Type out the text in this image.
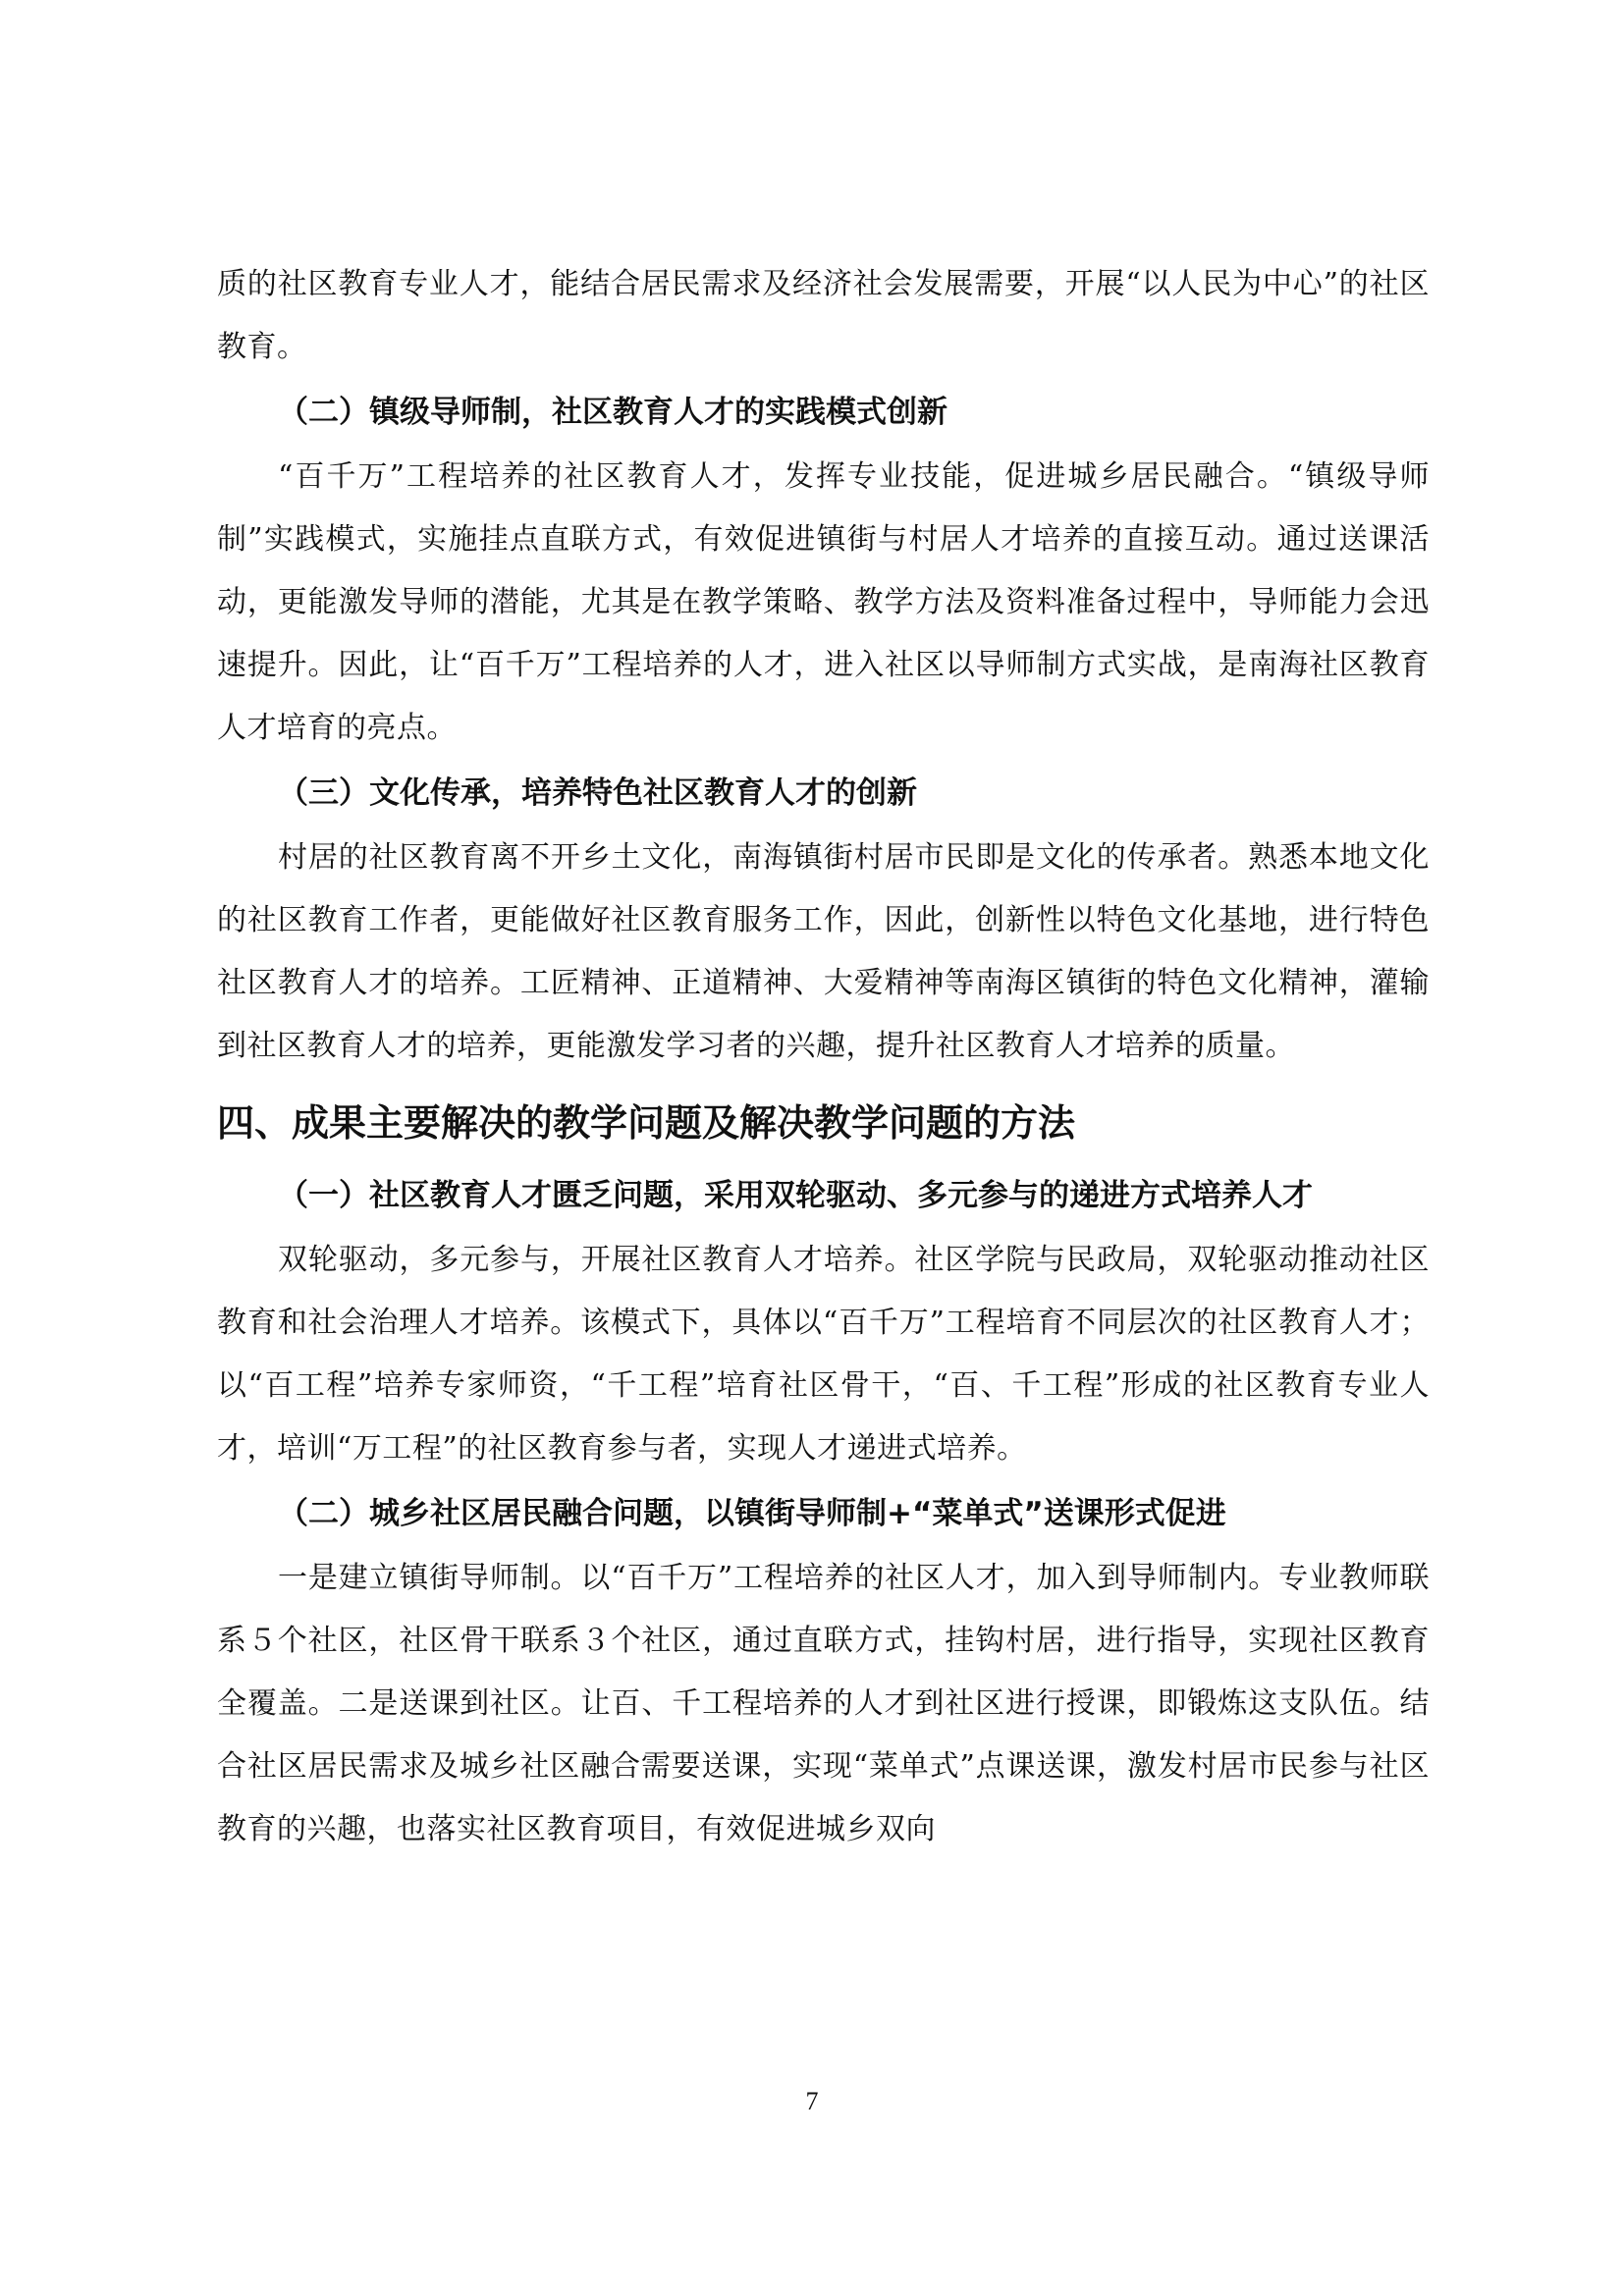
质的社区教育专业人才，能结合居民需求及经济社会发展需要，开展“以人民为中心”的社区教育。

（二）镇级导师制，社区教育人才的实践模式创新

“百千万”工程培养的社区教育人才，发挥专业技能，促进城乡居民融合。“镇级导师制”实践模式，实施挂点直联方式，有效促进镇街与村居人才培养的直接互动。通过送课活动，更能激发导师的潜能，尤其是在教学策略、教学方法及资料准备过程中，导师能力会迅速提升。因此，让“百千万”工程培养的人才，进入社区以导师制方式实战，是南海社区教育人才培育的亮点。

（三）文化传承，培养特色社区教育人才的创新

村居的社区教育离不开乡土文化，南海镇街村居市民即是文化的传承者。熟悉本地文化的社区教育工作者，更能做好社区教育服务工作，因此，创新性以特色文化基地，进行特色社区教育人才的培养。工匠精神、正道精神、大爱精神等南海区镇街的特色文化精神，灌输到社区教育人才的培养，更能激发学习者的兴趣，提升社区教育人才培养的质量。

四、成果主要解决的教学问题及解决教学问题的方法
（一）社区教育人才匮乏问题，采用双轮驱动、多元参与的递进方式培养人才

双轮驱动，多元参与，开展社区教育人才培养。社区学院与民政局，双轮驱动推动社区教育和社会治理人才培养。该模式下，具体以“百千万”工程培育不同层次的社区教育人才；以“百工程”培养专家师资，“千工程”培育社区骨干，“百、千工程”形成的社区教育专业人才，培训“万工程”的社区教育参与者，实现人才递进式培养。

（二）城乡社区居民融合问题，以镇街导师制+“菜单式”送课形式促进

一是建立镇街导师制。以“百千万”工程培养的社区人才，加入到导师制内。专业教师联系５个社区，社区骨干联系３个社区，通过直联方式，挂钩村居，进行指导，实现社区教育全覆盖。二是送课到社区。让百、千工程培养的人才到社区进行授课，即锻炼这支队伍。结合社区居民需求及城乡社区融合需要送课，实现“菜单式”点课送课，激发村居市民参与社区教育的兴趣，也落实社区教育项目，有效促进城乡双向

7
